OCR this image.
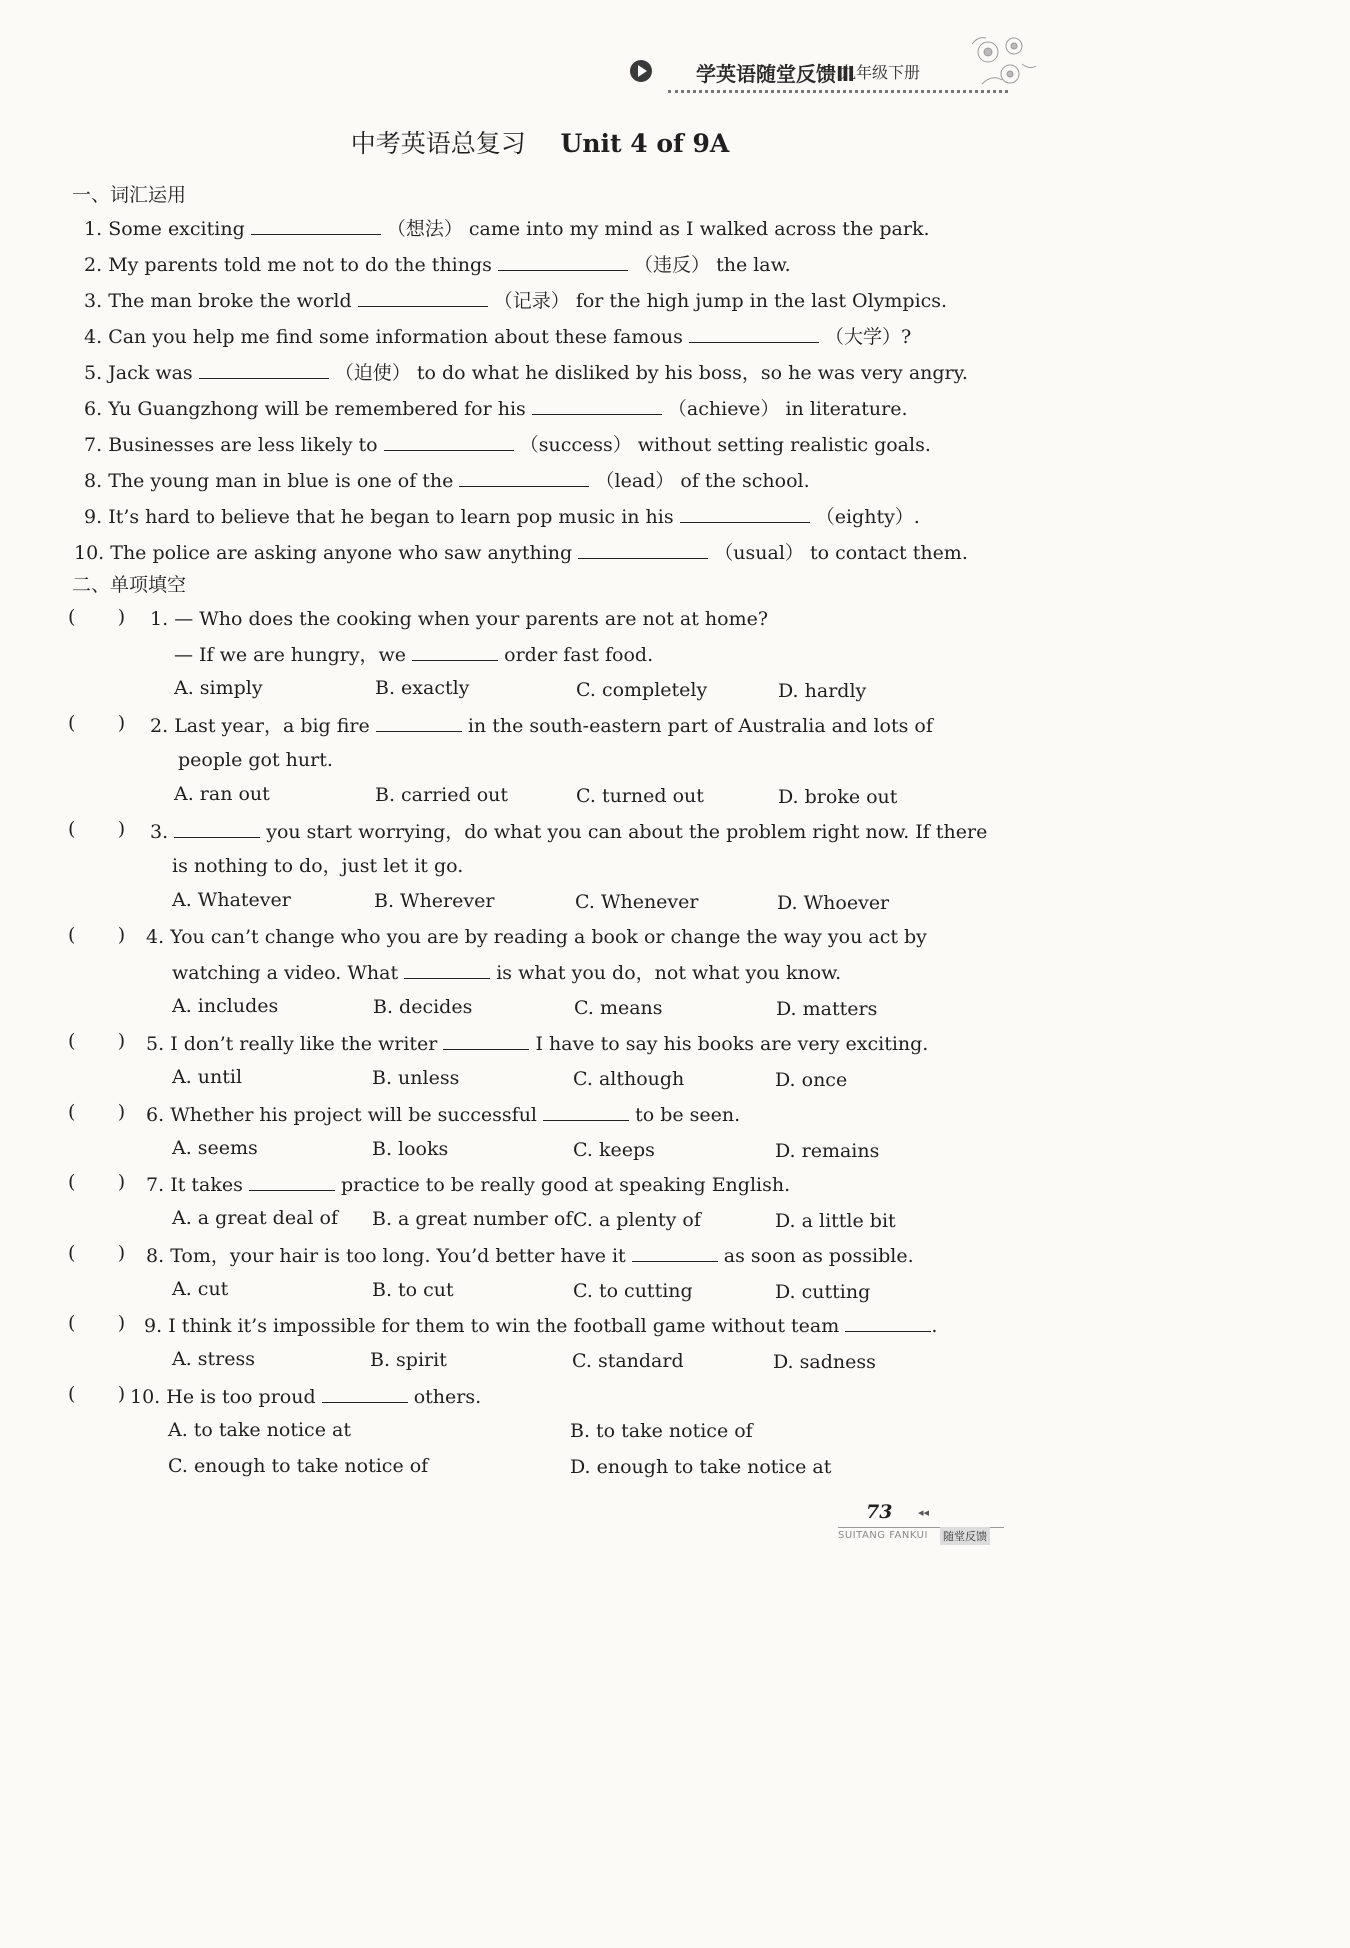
学英语随堂反馈Ⅲ
九年级下册
中考英语总复习 Unit 4 of 9A
一、词汇运用
1. Some exciting	（想法） came into my mind as I walked across the park.
2. My parents told me not to do the things	（违反） the law.
3. The man broke the world	（记录） for the high jump in the last Olympics.
4. Can you help me find some information about these famous	（大学）?
5. Jack was	（迫使） to do what he disliked by his boss，so he was very angry.
6. Yu Guangzhong will be remembered for his	（achieve） in literature.
7. Businesses are less likely to	（success） without setting realistic goals.
8. The young man in blue is one of the	（lead） of the school.
9. It’s hard to believe that he began to learn pop music in his	（eighty）.
10. The police are asking anyone who saw anything	（usual） to contact them.
二、单项填空
(       ) 1. — Who does the cooking when your parents are not at home?
— If we are hungry，we	order fast food.
A. simply	B. exactly	C. completely	D. hardly
(       ) 2. Last year，a big fire	in the south-eastern part of Australia and lots of
people got hurt.
A. ran out	B. carried out	C. turned out	D. broke out
(       ) 3.	you start worrying，do what you can about the problem right now. If there
is nothing to do，just let it go.
A. Whatever	B. Wherever	C. Whenever	D. Whoever
(       ) 4. You can’t change who you are by reading a book or change the way you act by
watching a video. What	is what you do，not what you know.
A. includes	B. decides	C. means	D. matters
(       ) 5. I don’t really like the writer	I have to say his books are very exciting.
A. until	B. unless	C. although	D. once
(       ) 6. Whether his project will be successful	to be seen.
A. seems	B. looks	C. keeps	D. remains
(       ) 7. It takes	practice to be really good at speaking English.
A. a great deal of B. a great number of C. a plenty of	D. a little bit
(       ) 8. Tom，your hair is too long. You’d better have it	as soon as possible.
A. cut	B. to cut	C. to cutting	D. cutting
(       ) 9. I think it’s impossible for them to win the football game without team	.
A. stress	B. spirit	C. standard	D. sadness
(       ) 10. He is too proud	others.
A. to take notice at	B. to take notice of
C. enough to take notice of	D. enough to take notice at
73 ◂◂
SUITANG FANKUI 随堂反馈
